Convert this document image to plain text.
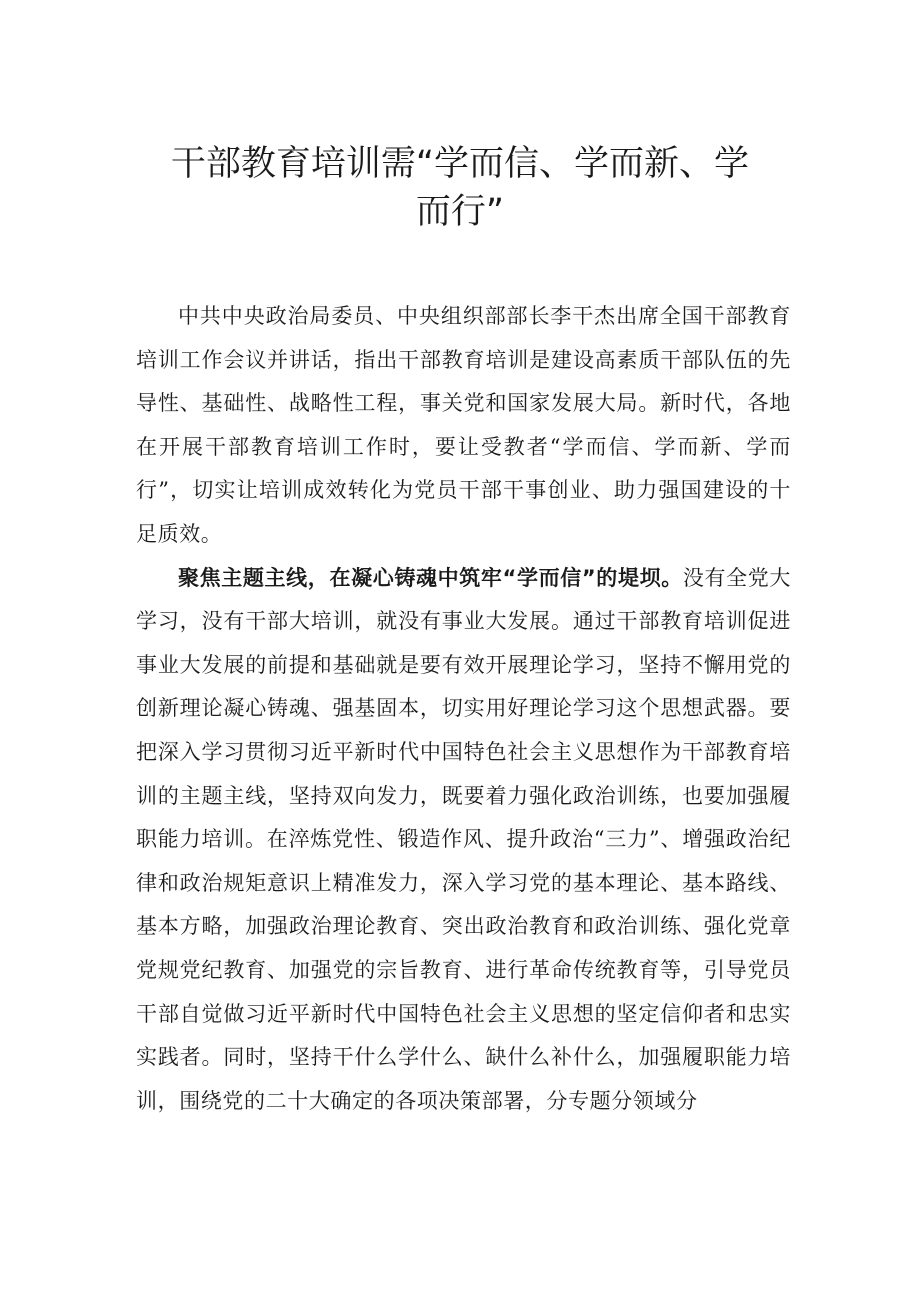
干部教育培训需“学而信、学而新、学而行”

中共中央政治局委员、中央组织部部长李干杰出席全国干部教育培训工作会议并讲话，指出干部教育培训是建设高素质干部队伍的先导性、基础性、战略性工程，事关党和国家发展大局。新时代，各地在开展干部教育培训工作时，要让受教者“学而信、学而新、学而行”，切实让培训成效转化为党员干部干事创业、助力强国建设的十足质效。

聚焦主题主线，在凝心铸魂中筑牢“学而信”的堤坝。没有全党大学习，没有干部大培训，就没有事业大发展。通过干部教育培训促进事业大发展的前提和基础就是要有效开展理论学习，坚持不懈用党的创新理论凝心铸魂、强基固本，切实用好理论学习这个思想武器。要把深入学习贯彻习近平新时代中国特色社会主义思想作为干部教育培训的主题主线，坚持双向发力，既要着力强化政治训练，也要加强履职能力培训。在淬炼党性、锻造作风、提升政治“三力”、增强政治纪律和政治规矩意识上精准发力，深入学习党的基本理论、基本路线、基本方略，加强政治理论教育、突出政治教育和政治训练、强化党章党规党纪教育、加强党的宗旨教育、进行革命传统教育等，引导党员干部自觉做习近平新时代中国特色社会主义思想的坚定信仰者和忠实实践者。同时，坚持干什么学什么、缺什么补什么，加强履职能力培训，围绕党的二十大确定的各项决策部署，分专题分领域分
